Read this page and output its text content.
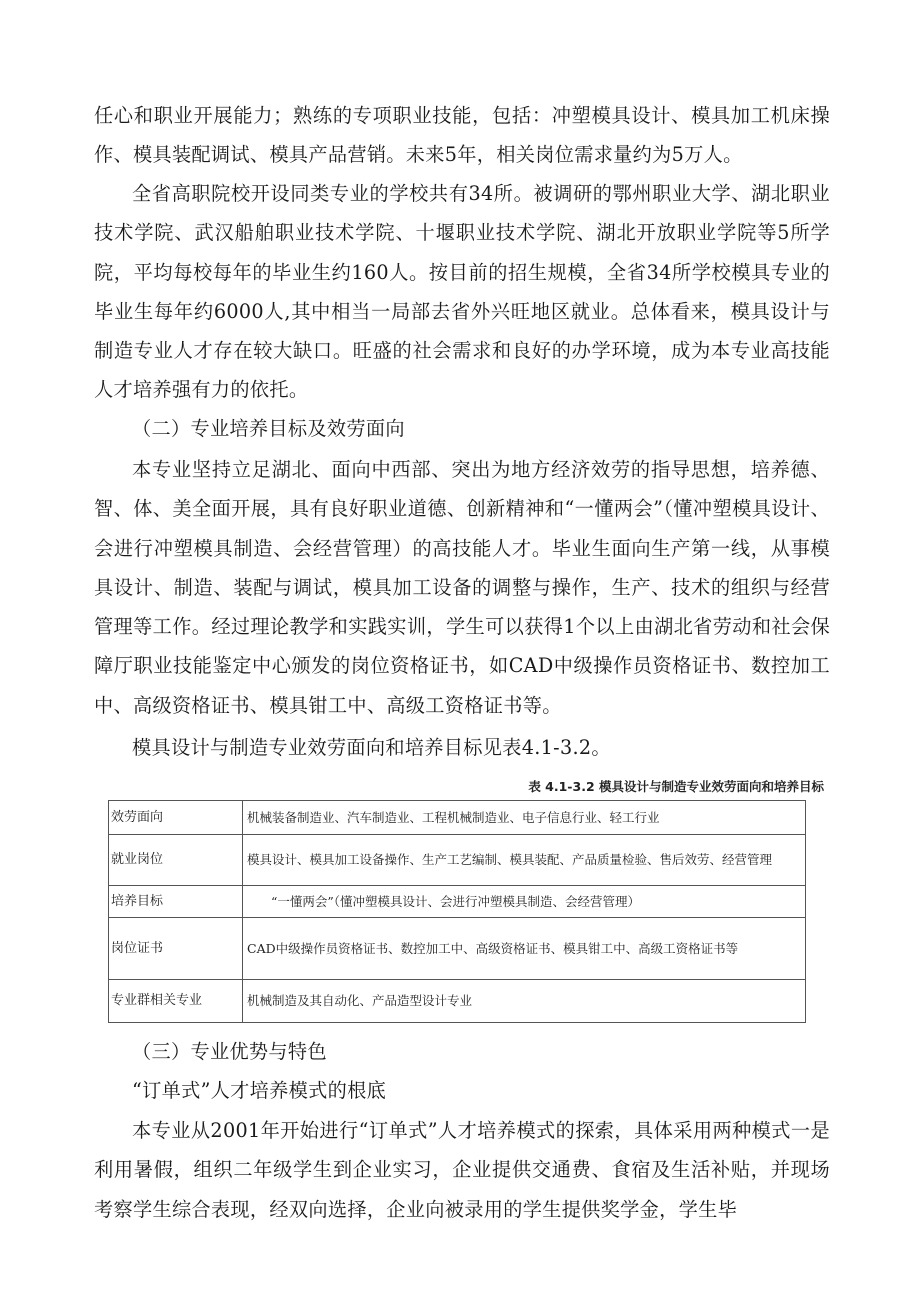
任心和职业开展能力；熟练的专项职业技能，包括：冲塑模具设计、模具加工机床操作、模具装配调试、模具产品营销。未来5年，相关岗位需求量约为5万人。

全省高职院校开设同类专业的学校共有34所。被调研的鄂州职业大学、湖北职业技术学院、武汉船舶职业技术学院、十堰职业技术学院、湖北开放职业学院等5所学院，平均每校每年的毕业生约160人。按目前的招生规模，全省34所学校模具专业的毕业生每年约6000人,其中相当一局部去省外兴旺地区就业。总体看来，模具设计与制造专业人才存在较大缺口。旺盛的社会需求和良好的办学环境，成为本专业高技能人才培养强有力的依托。

（二）专业培养目标及效劳面向

本专业坚持立足湖北、面向中西部、突出为地方经济效劳的指导思想，培养德、智、体、美全面开展，具有良好职业道德、创新精神和“一懂两会”（懂冲塑模具设计、会进行冲塑模具制造、会经营管理）的高技能人才。毕业生面向生产第一线，从事模具设计、制造、装配与调试，模具加工设备的调整与操作，生产、技术的组织与经营管理等工作。经过理论教学和实践实训，学生可以获得1个以上由湖北省劳动和社会保障厅职业技能鉴定中心颁发的岗位资格证书，如CAD中级操作员资格证书、数控加工中、高级资格证书、模具钳工中、高级工资格证书等。

模具设计与制造专业效劳面向和培养目标见表4.1-3.2。

表 4.1-3.2 模具设计与制造专业效劳面向和培养目标
效劳面向	机械装备制造业、汽车制造业、工程机械制造业、电子信息行业、轻工行业
就业岗位	模具设计、模具加工设备操作、生产工艺编制、模具装配、产品质量检验、售后效劳、经营管理
培养目标	“一懂两会”（懂冲塑模具设计、会进行冲塑模具制造、会经营管理）
岗位证书	CAD中级操作员资格证书、数控加工中、高级资格证书、模具钳工中、高级工资格证书等
专业群相关专业	机械制造及其自动化、产品造型设计专业

（三）专业优势与特色

“订单式”人才培养模式的根底

本专业从2001年开始进行“订单式”人才培养模式的探索，具体采用两种模式一是利用暑假，组织二年级学生到企业实习，企业提供交通费、食宿及生活补贴，并现场考察学生综合表现，经双向选择，企业向被录用的学生提供奖学金，学生毕
